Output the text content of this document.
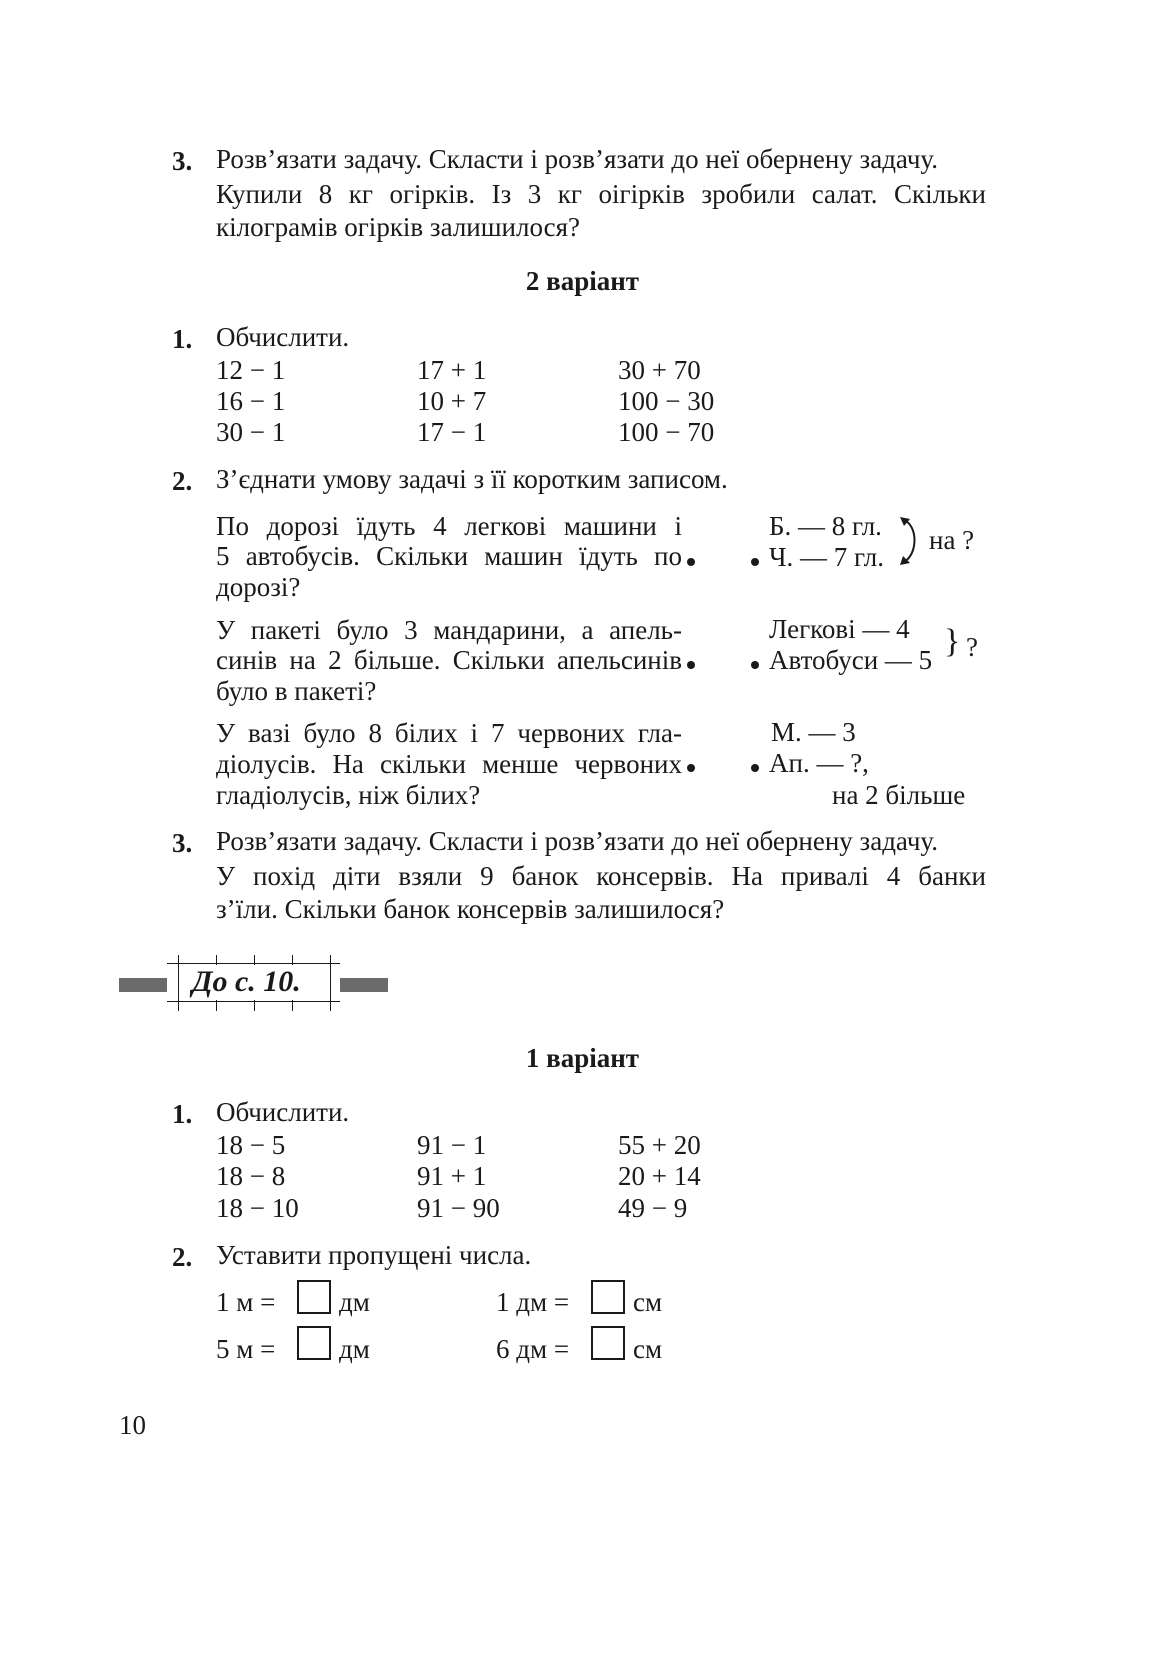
3. Розв’язати задачу. Скласти і розв’язати до неї обернену задачу.
Купили 8 кг огірків. Із 3 кг оігірків зробили салат. Скільки
кілограмів огірків залишилося?
2 варіант
1. Обчислити.
12 − 1
16 − 1
30 − 1
17 + 1
10 + 7
17 − 1
30 + 70
100 − 30
100 − 70
2. З’єднати умову задачі з її коротким записом.
По дорозі їдуть 4 легкові машини і
5 автобусів. Скільки машин їдуть по
дорозі?
Б. — 8 гл.
Ч. — 7 гл.
на ?
У пакеті було 3 мандарини, а апель-
синів на 2 більше. Скільки апельсинів
було в пакеті?
Легкові — 4
Автобуси — 5 } ?
У вазі було 8 білих і 7 червоних гла-
діолусів. На скільки менше червоних
гладіолусів, ніж білих?
М. — 3
Ап. — ?,
на 2 більше
3. Розв’язати задачу. Скласти і розв’язати до неї обернену задачу.
У похід діти взяли 9 банок консервів. На привалі 4 банки
з’їли. Скільки банок консервів залишилося?
До с. 10.
1 варіант
1. Обчислити.
18 − 5
18 − 8
18 − 10
91 − 1
91 + 1
91 − 90
55 + 20
20 + 14
49 − 9
2. Уставити пропущені числа.
1 м = дм	1 дм = см
5 м = дм	6 дм = см
10
